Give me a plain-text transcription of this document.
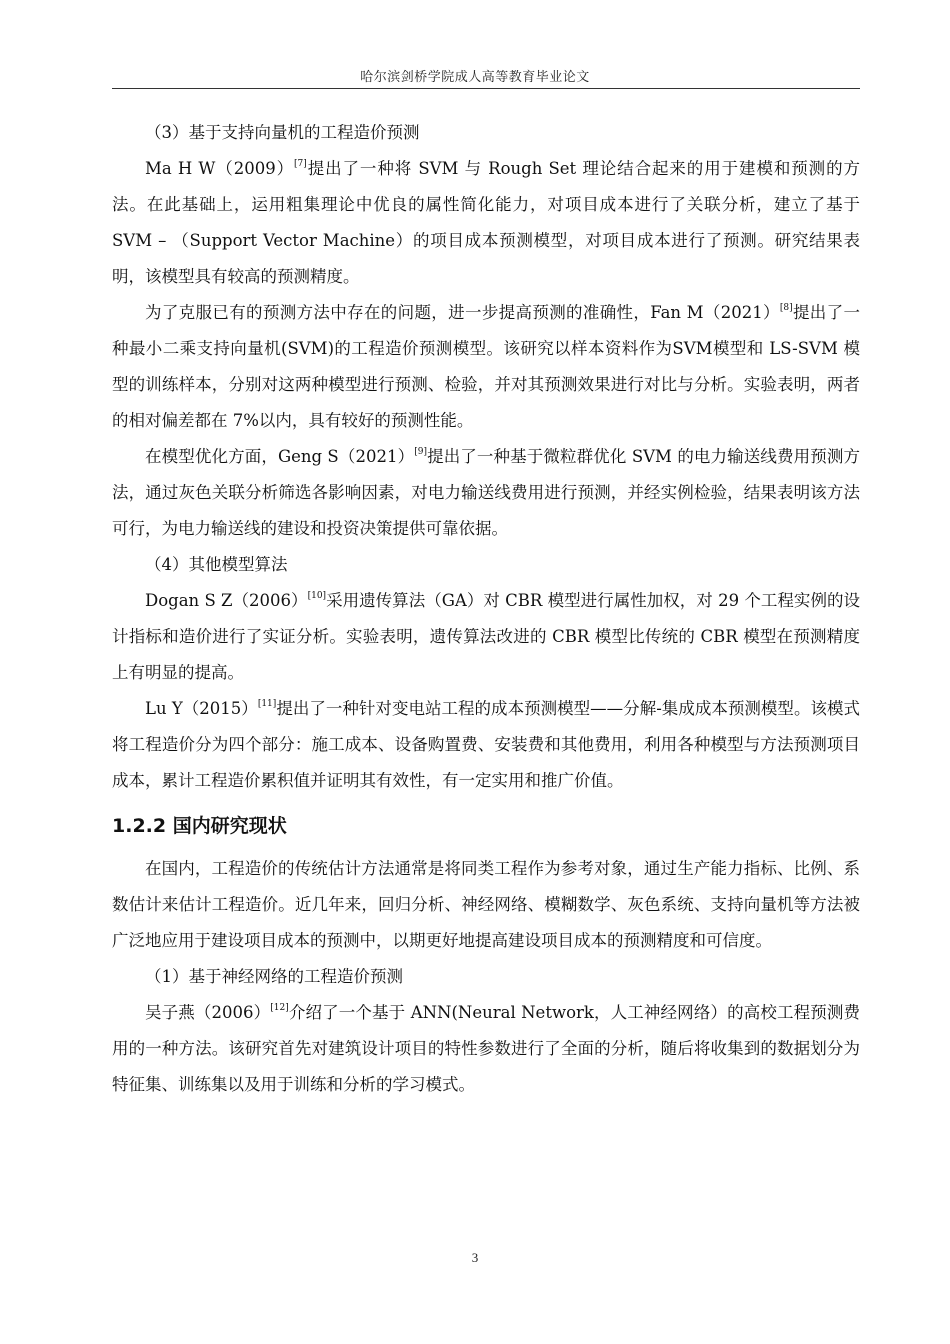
哈尔滨剑桥学院成人高等教育毕业论文

（3）基于支持向量机的工程造价预测

Ma H W（2009）[7]提出了一种将 SVM 与 Rough Set 理论结合起来的用于建模和预测的方法。在此基础上，运用粗集理论中优良的属性简化能力，对项目成本进行了关联分析，建立了基于 SVM – （Support Vector Machine）的项目成本预测模型，对项目成本进行了预测。研究结果表明，该模型具有较高的预测精度。

为了克服已有的预测方法中存在的问题，进一步提高预测的准确性，Fan M（2021）[8]提出了一种最小二乘支持向量机(SVM)的工程造价预测模型。该研究以样本资料作为SVM模型和 LS-SVM 模型的训练样本，分别对这两种模型进行预测、检验，并对其预测效果进行对比与分析。实验表明，两者的相对偏差都在 7%以内，具有较好的预测性能。

在模型优化方面，Geng S（2021）[9]提出了一种基于微粒群优化 SVM 的电力输送线费用预测方法，通过灰色关联分析筛选各影响因素，对电力输送线费用进行预测，并经实例检验，结果表明该方法可行，为电力输送线的建设和投资决策提供可靠依据。

（4）其他模型算法

Dogan S Z（2006）[10]采用遗传算法（GA）对 CBR 模型进行属性加权，对 29 个工程实例的设计指标和造价进行了实证分析。实验表明，遗传算法改进的 CBR 模型比传统的 CBR 模型在预测精度上有明显的提高。

Lu Y（2015）[11]提出了一种针对变电站工程的成本预测模型——分解-集成成本预测模型。该模式将工程造价分为四个部分：施工成本、设备购置费、安装费和其他费用，利用各种模型与方法预测项目成本，累计工程造价累积值并证明其有效性，有一定实用和推广价值。

1.2.2 国内研究现状

在国内，工程造价的传统估计方法通常是将同类工程作为参考对象，通过生产能力指标、比例、系数估计来估计工程造价。近几年来，回归分析、神经网络、模糊数学、灰色系统、支持向量机等方法被广泛地应用于建设项目成本的预测中，以期更好地提高建设项目成本的预测精度和可信度。

（1）基于神经网络的工程造价预测

吴子燕（2006）[12]介绍了一个基于 ANN(Neural Network，人工神经网络）的高校工程预测费用的一种方法。该研究首先对建筑设计项目的特性参数进行了全面的分析，随后将收集到的数据划分为特征集、训练集以及用于训练和分析的学习模式。

3
